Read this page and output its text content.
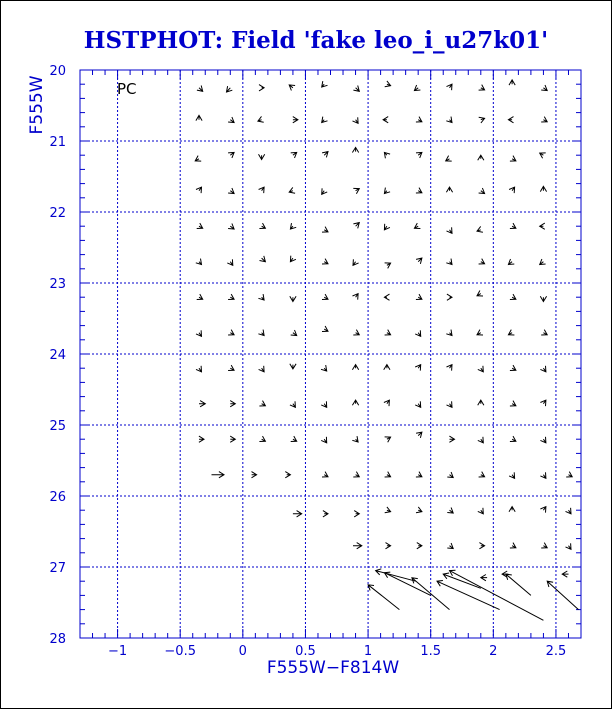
HSTPHOT: Field 'fake leo_i_u27k01'
−1	−0.5	0	0.5	1	1.5	2	2.5
20
21
22
23
24
25
26
27
28
PC
F555W−F814W
F555W
